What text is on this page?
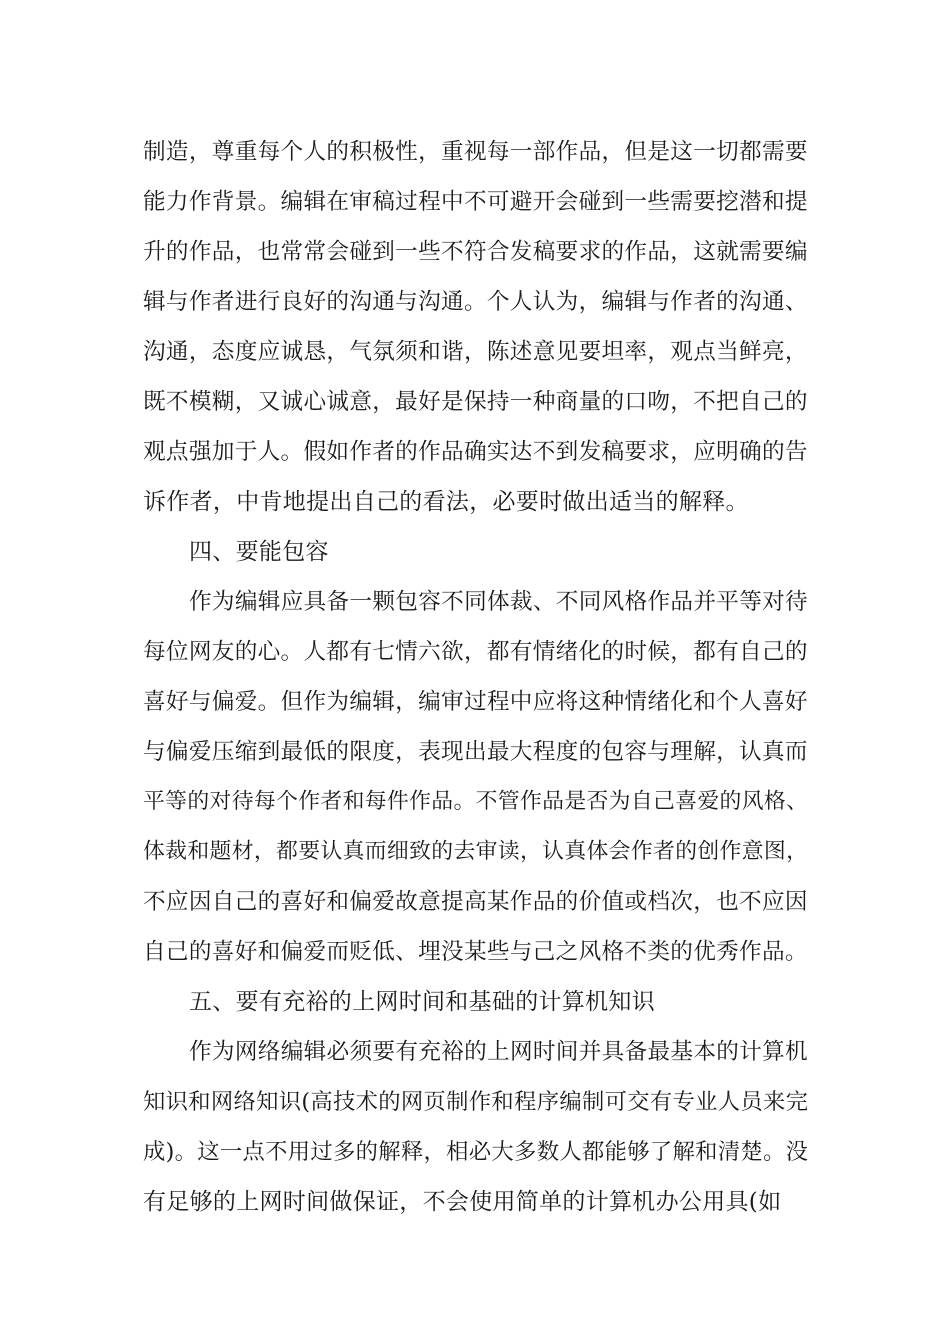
制造，尊重每个人的积极性，重视每一部作品，但是这一切都需要
能力作背景。编辑在审稿过程中不可避开会碰到一些需要挖潜和提
升的作品，也常常会碰到一些不符合发稿要求的作品，这就需要编
辑与作者进行良好的沟通与沟通。个人认为，编辑与作者的沟通、
沟通，态度应诚恳，气氛须和谐，陈述意见要坦率，观点当鲜亮，
既不模糊，又诚心诚意，最好是保持一种商量的口吻，不把自己的
观点强加于人。假如作者的作品确实达不到发稿要求，应明确的告
诉作者，中肯地提出自己的看法，必要时做出适当的解释。
四、要能包容
作为编辑应具备一颗包容不同体裁、不同风格作品并平等对待
每位网友的心。人都有七情六欲，都有情绪化的时候，都有自己的
喜好与偏爱。但作为编辑，编审过程中应将这种情绪化和个人喜好
与偏爱压缩到最低的限度，表现出最大程度的包容与理解，认真而
平等的对待每个作者和每件作品。不管作品是否为自己喜爱的风格、
体裁和题材，都要认真而细致的去审读，认真体会作者的创作意图，
不应因自己的喜好和偏爱故意提高某作品的价值或档次，也不应因
自己的喜好和偏爱而贬低、埋没某些与己之风格不类的优秀作品。
五、要有充裕的上网时间和基础的计算机知识
作为网络编辑必须要有充裕的上网时间并具备最基本的计算机
知识和网络知识(高技术的网页制作和程序编制可交有专业人员来完
成)。这一点不用过多的解释，相必大多数人都能够了解和清楚。没
有足够的上网时间做保证，不会使用简单的计算机办公用具(如
